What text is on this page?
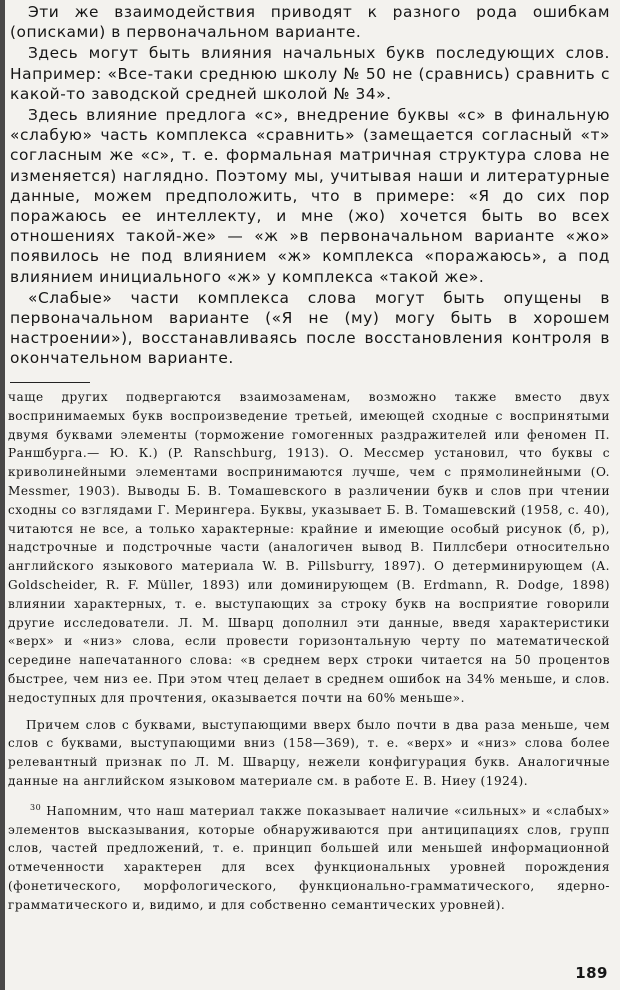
Эти же взаимодействия приводят к разного рода ошибкам (описками) в первоначальном варианте.

Здесь могут быть влияния начальных букв последующих слов. Например: «Все-таки среднюю школу № 50 не (сравнись) сравнить с какой-то заводской средней школой № 34».

Здесь влияние предлога «с», внедрение буквы «с» в финальную «слабую» часть комплекса «сравнить» (замещается согласный «т» согласным же «с», т. е. формальная матричная структура слова не изменяется) наглядно. Поэтому мы, учитывая наши и литературные данные, можем предположить, что в примере: «Я до сих пор поражаюсь ее интеллекту, и мне (жо) хочется быть во всех отношениях такой-же» — «ж »в первоначальном варианте «жо» появилось не под влиянием «ж» комплекса «поражаюсь», а под влиянием инициального «ж» у комплекса «такой же».

«Слабые» части комплекса слова могут быть опущены в первоначальном варианте («Я не (му) могу быть в хорошем настроении»), восстанавливаясь после восстановления контроля в окончательном варианте.

чаще других подвергаются взаимозаменам, возможно также вместо двух воспринимаемых букв воспроизведение третьей, имеющей сходные с воспринятыми двумя буквами элементы (торможение гомогенных раздражителей или феномен П. Раншбурга.— Ю. К.) (P. Ranschburg, 1913). О. Мессмер установил, что буквы с криволинейными элементами воспринимаются лучше, чем с прямолинейными (O. Messmer, 1903). Выводы Б. В. Томашевского в различении букв и слов при чтении сходны со взглядами Г. Мерингера. Буквы, указывает Б. В. Томашевский (1958, с. 40), читаются не все, а только характерные: крайние и имеющие особый рисунок (б, р), надстрочные и подстрочные части (аналогичен вывод В. Пиллсбери относительно английского языкового материала W. B. Pillsburry, 1897). О детерминирующем (A. Goldscheider, R. F. Müller, 1893) или доминирующем (B. Erdmann, R. Dodge, 1898) влиянии характерных, т. е. выступающих за строку букв на восприятие говорили другие исследователи. Л. М. Шварц дополнил эти данные, введя характеристики «верх» и «низ» слова, если провести горизонтальную черту по математической середине напечатанного слова: «в среднем верх строки читается на 50 процентов быстрее, чем низ ее. При этом чтец делает в среднем ошибок на 34% меньше, и слов. недоступных для прочтения, оказывается почти на 60% меньше».

Причем слов с буквами, выступающими вверх было почти в два раза меньше, чем слов с буквами, выступающими вниз (158—369), т. е. «верх» и «низ» слова более релевантный признак по Л. М. Шварцу, нежели конфигурация букв. Аналогичные данные на английском языковом материале см. в работе Е. В. Ниеу (1924).

$^{30}$ Напомним, что наш материал также показывает наличие «сильных» и «слабых» элементов высказывания, которые обнаруживаются при антиципациях слов, групп слов, частей предложений, т. е. принцип большей или меньшей информационной отмеченности характерен для всех функциональных уровней порождения (фонетического, морфологического, функционально-грамматического, ядерно-грамматического и, видимо, и для собственно семантических уровней).

189
